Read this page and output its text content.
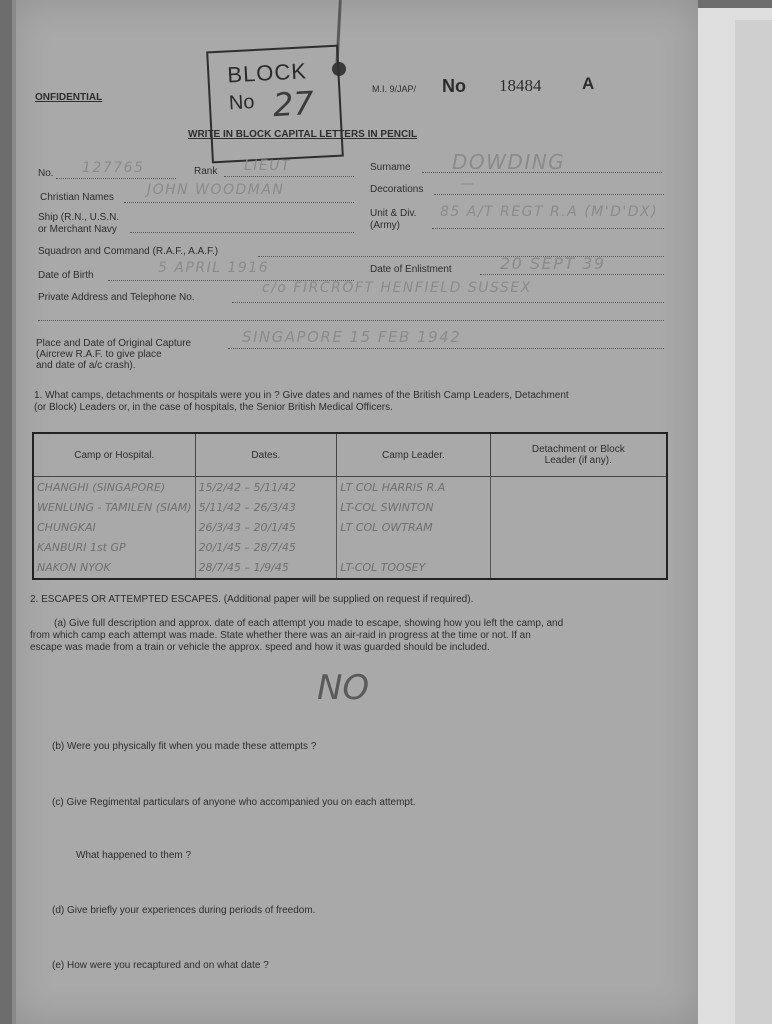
ONFIDENTIAL
BLOCK
No 27	M.I. 9/JAP/ No 18484 A
WRITE IN BLOCK CAPITAL LETTERS IN PENCIL
No. 127765	Rank LIEUT	Surname DOWDING
Christian Names JOHN WOODMAN	Decorations	—
Ship (R.N., U.S.N.
or Merchant Navy
Unit & Div.
(Army)
85 A/T REGT R.A (M'D'DX)
Squadron and Command (R.A.F., A.A.F.)
Date of Birth	5 APRIL 1916	Date of Enlistment	20 SEPT 39
Private Address and Telephone No.
c/o FIRCROFT HENFIELD SUSSEX
Place and Date of Original Capture
(Aircrew R.A.F. to give place
and date of a/c crash).
SINGAPORE 15 FEB 1942
1. What camps, detachments or hospitals were you in ? Give dates and names of the British Camp Leaders, Detachment
(or Block) Leaders or, in the case of hospitals, the Senior British Medical Officers.
Camp or Hospital.	Dates.	Camp Leader.	Detachment or Block
Leader (if any).
CHANGHI (SINGAPORE)	15/2/42 – 5/11/42	LT COL HARRIS R.A	
WENLUNG - TAMILEN (SIAM)	5/11/42 – 26/3/43	LT-COL SWINTON	
CHUNGKAI	26/3/43 – 20/1/45	LT COL OWTRAM	
KANBURI 1st GP	20/1/45 – 28/7/45		
NAKON NYOK	28/7/45 – 1/9/45	LT-COL TOOSEY	
2. ESCAPES OR ATTEMPTED ESCAPES. (Additional paper will be supplied on request if required).
(a) Give full description and approx. date of each attempt you made to escape, showing how you left the camp, and
from which camp each attempt was made. State whether there was an air-raid in progress at the time or not. If an
escape was made from a train or vehicle the approx. speed and how it was guarded should be included.
NO
(b) Were you physically fit when you made these attempts ?
(c) Give Regimental particulars of anyone who accompanied you on each attempt.
What happened to them ?
(d) Give briefly your experiences during periods of freedom.
(e) How were you recaptured and on what date ?
